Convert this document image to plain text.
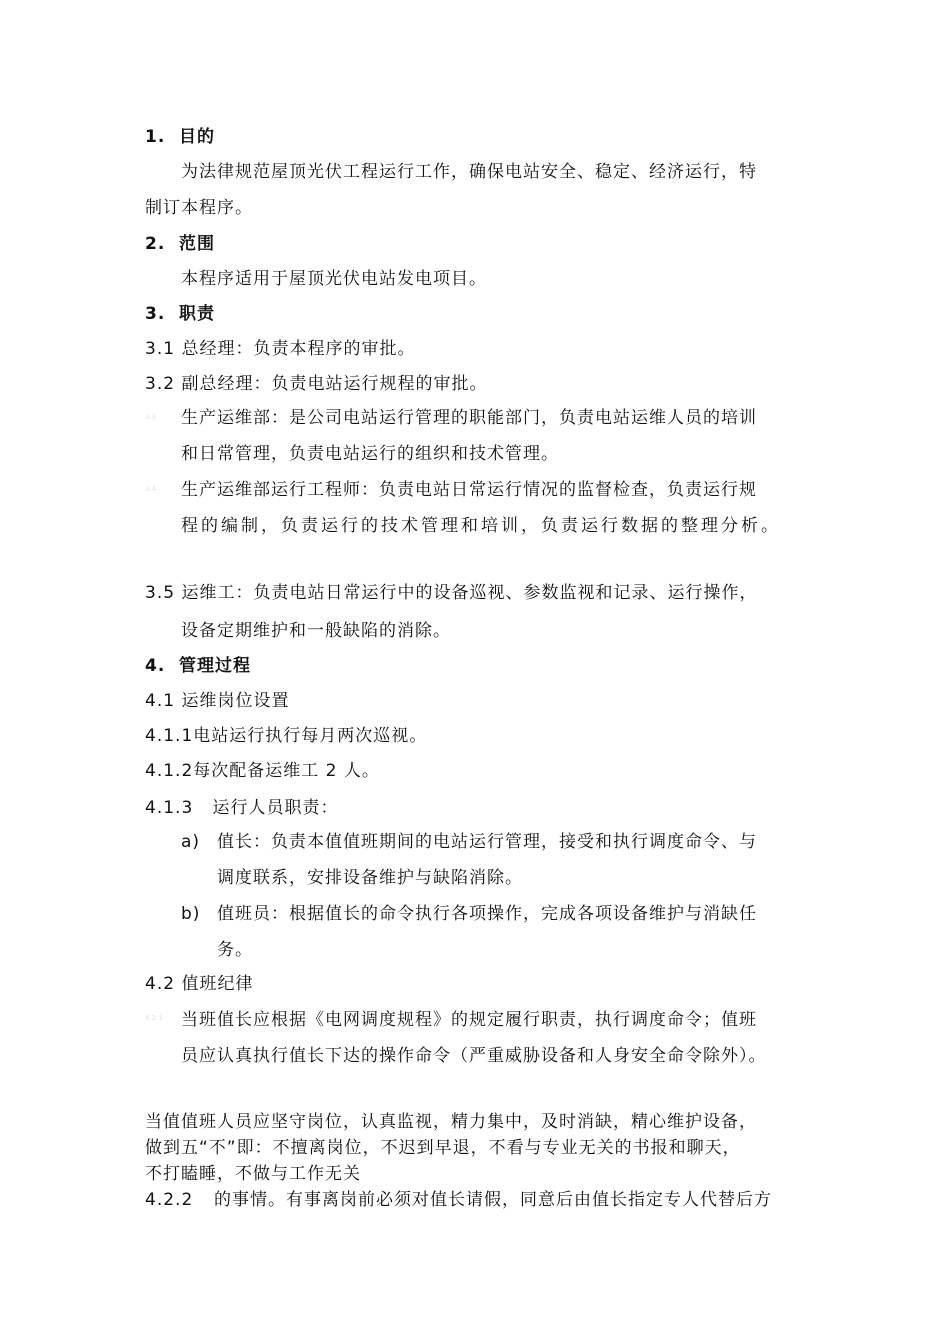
1. 目的
为法律规范屋顶光伏工程运行工作，确保电站安全、稳定、经济运行，特
制订本程序。
2. 范围
本程序适用于屋顶光伏电站发电项目。
3. 职责
3.1 总经理：负责本程序的审批。
3.2 副总经理：负责电站运行规程的审批。
3.3 生产运维部：是公司电站运行管理的职能部门，负责电站运维人员的培训
和日常管理，负责电站运行的组织和技术管理。
3.4 生产运维部运行工程师：负责电站日常运行情况的监督检查，负责运行规
程的编制，负责运行的技术管理和培训，负责运行数据的整理分析。
3.5 运维工：负责电站日常运行中的设备巡视、参数监视和记录、运行操作，
设备定期维护和一般缺陷的消除。
4. 管理过程
4.1 运维岗位设置
4.1.1电站运行执行每月两次巡视。
4.1.2每次配备运维工 2 人。
4.1.3   运行人员职责：
a) 值长：负责本值值班期间的电站运行管理，接受和执行调度命令、与
调度联系，安排设备维护与缺陷消除。
b) 值班员：根据值长的命令执行各项操作，完成各项设备维护与消缺任
务。
4.2 值班纪律
4.2.1 当班值长应根据《电网调度规程》的规定履行职责，执行调度命令；值班
员应认真执行值长下达的操作命令（严重威胁设备和人身安全命令除外）。
当值值班人员应坚守岗位，认真监视，精力集中，及时消缺，精心维护设备，
做到五“不”即：不擅离岗位，不迟到早退，不看与专业无关的书报和聊天，
不打瞌睡，不做与工作无关
4.2.2 的事情。有事离岗前必须对值长请假，同意后由值长指定专人代替后方
